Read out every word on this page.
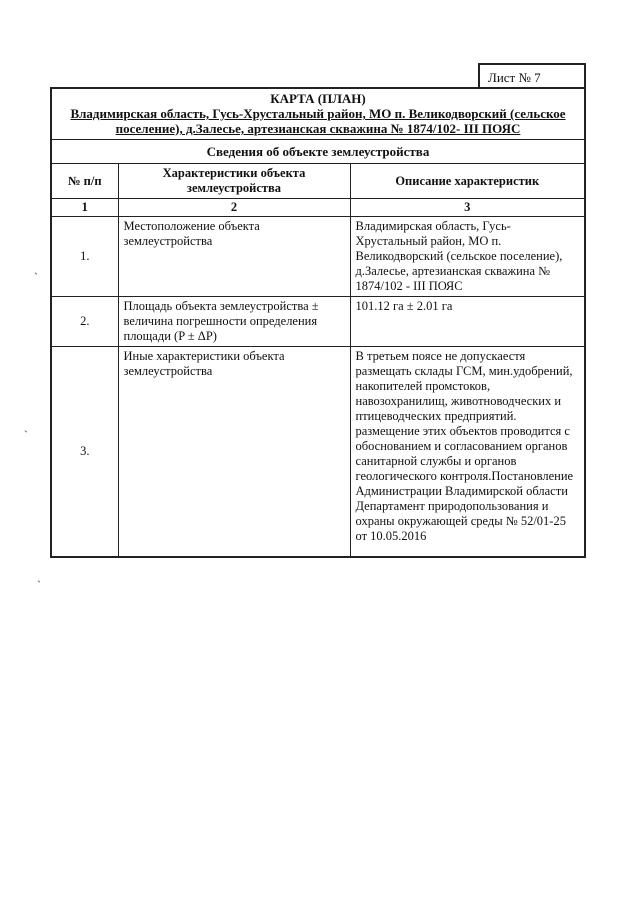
Лист № 7
КАРТА (ПЛАН)
Владимирская область, Гусь-Хрустальный район, МО п. Великодворский (сельское поселение), д.Залесье, артезианская скважина № 1874/102- III ПОЯС
Сведения об объекте землеустройства
№ п/п	Характеристики объекта землеустройства	Описание характеристик
1	2	3
1.	Местоположение объекта землеустройства	Владимирская область, Гусь-Хрустальный район, МО п. Великодворский (сельское поселение), д.Залесье, артезианская скважина № 1874/102 - III ПОЯС
2.	Площадь объекта землеустройства ± величина погрешности определения площади (P ± ΔP)	101.12 га ± 2.01 га
3.	Иные характеристики объекта землеустройства	В третьем поясе не допускаестя размещать склады ГСМ, мин.удобрений, накопителей промстоков, навозохранилищ, животноводческих и птицеводческих предприятий. размещение этих объектов проводится с обоснованием и согласованием органов санитарной службы и органов геологического контроля.Постановление Администрации Владимирской области Департамент природопользования и охраны окружающей среды № 52/01-25 от 10.05.2016
`
`
`
